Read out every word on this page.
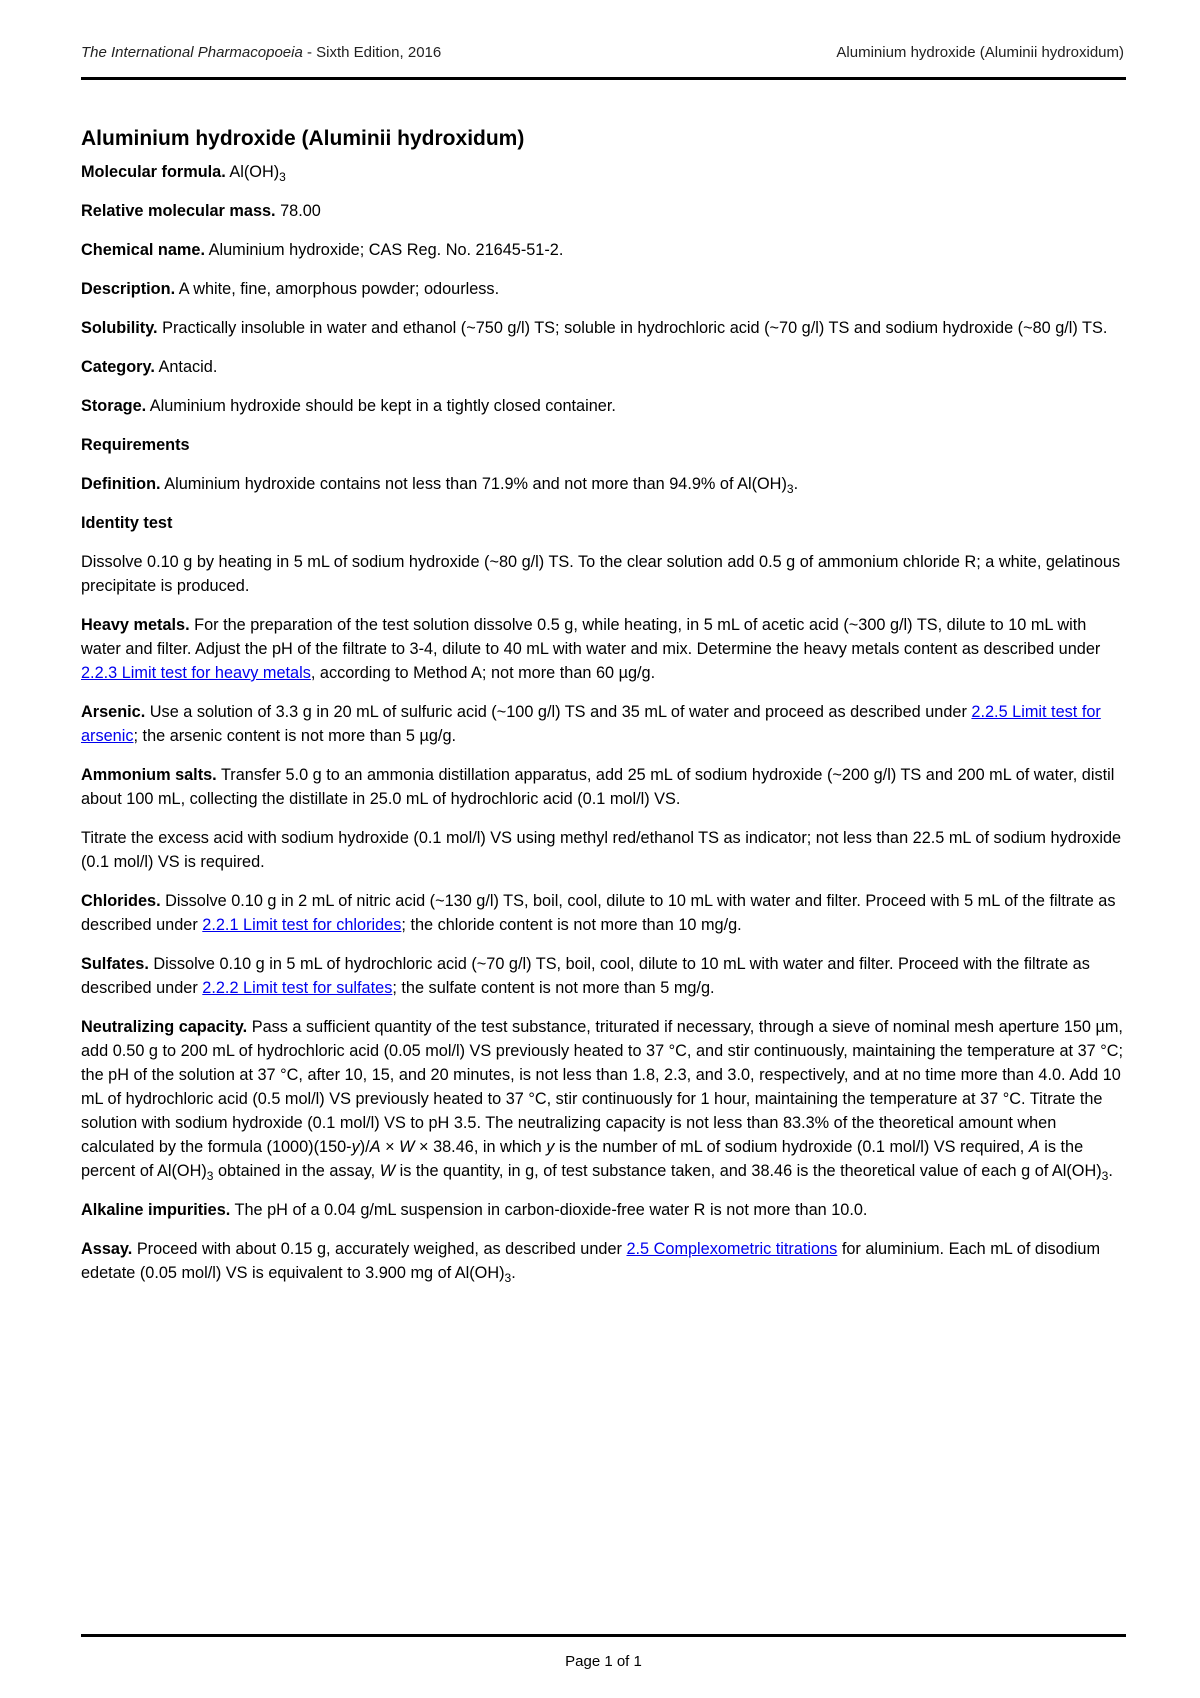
The International Pharmacopoeia - Sixth Edition, 2016	Aluminium hydroxide (Aluminii hydroxidum)
Aluminium hydroxide (Aluminii hydroxidum)

Molecular formula. $Al(OH)_3$

Relative molecular mass. 78.00

Chemical name. Aluminium hydroxide; CAS Reg. No. 21645-51-2.

Description. A white, fine, amorphous powder; odourless.

Solubility. Practically insoluble in water and ethanol (~750 g/l) TS; soluble in hydrochloric acid (~70 g/l) TS and sodium hydroxide (~80 g/l) TS.

Category. Antacid.

Storage. Aluminium hydroxide should be kept in a tightly closed container.

Requirements

Definition. Aluminium hydroxide contains not less than 71.9% and not more than 94.9% of $Al(OH)_3$.

Identity test

Dissolve 0.10 g by heating in 5 mL of sodium hydroxide (~80 g/l) TS. To the clear solution add 0.5 g of ammonium chloride R; a white, gelatinous precipitate is produced.

Heavy metals. For the preparation of the test solution dissolve 0.5 g, while heating, in 5 mL of acetic acid (~300 g/l) TS, dilute to 10 mL with water and filter. Adjust the pH of the filtrate to 3-4, dilute to 40 mL with water and mix. Determine the heavy metals content as described under 2.2.3 Limit test for heavy metals, according to Method A; not more than 60 µg/g.

Arsenic. Use a solution of 3.3 g in 20 mL of sulfuric acid (~100 g/l) TS and 35 mL of water and proceed as described under 2.2.5 Limit test for arsenic; the arsenic content is not more than 5 µg/g.

Ammonium salts. Transfer 5.0 g to an ammonia distillation apparatus, add 25 mL of sodium hydroxide (~200 g/l) TS and 200 mL of water, distil about 100 mL, collecting the distillate in 25.0 mL of hydrochloric acid (0.1 mol/l) VS.

Titrate the excess acid with sodium hydroxide (0.1 mol/l) VS using methyl red/ethanol TS as indicator; not less than 22.5 mL of sodium hydroxide (0.1 mol/l) VS is required.

Chlorides. Dissolve 0.10 g in 2 mL of nitric acid (~130 g/l) TS, boil, cool, dilute to 10 mL with water and filter. Proceed with 5 mL of the filtrate as described under 2.2.1 Limit test for chlorides; the chloride content is not more than 10 mg/g.

Sulfates. Dissolve 0.10 g in 5 mL of hydrochloric acid (~70 g/l) TS, boil, cool, dilute to 10 mL with water and filter. Proceed with the filtrate as described under 2.2.2 Limit test for sulfates; the sulfate content is not more than 5 mg/g.

Neutralizing capacity. Pass a sufficient quantity of the test substance, triturated if necessary, through a sieve of nominal mesh aperture 150 µm, add 0.50 g to 200 mL of hydrochloric acid (0.05 mol/l) VS previously heated to 37 °C, and stir continuously, maintaining the temperature at 37 °C; the pH of the solution at 37 °C, after 10, 15, and 20 minutes, is not less than 1.8, 2.3, and 3.0, respectively, and at no time more than 4.0. Add 10 mL of hydrochloric acid (0.5 mol/l) VS previously heated to 37 °C, stir continuously for 1 hour, maintaining the temperature at 37 °C. Titrate the solution with sodium hydroxide (0.1 mol/l) VS to pH 3.5. The neutralizing capacity is not less than 83.3% of the theoretical amount when calculated by the formula (1000)(150-y)/A × W × 38.46, in which y is the number of mL of sodium hydroxide (0.1 mol/l) VS required, A is the percent of $Al(OH)_3$ obtained in the assay, W is the quantity, in g, of test substance taken, and 38.46 is the theoretical value of each g of $Al(OH)_3$.

Alkaline impurities. The pH of a 0.04 g/mL suspension in carbon-dioxide-free water R is not more than 10.0.

Assay. Proceed with about 0.15 g, accurately weighed, as described under 2.5 Complexometric titrations for aluminium. Each mL of disodium edetate (0.05 mol/l) VS is equivalent to 3.900 mg of $Al(OH)_3$.

Page 1 of 1
